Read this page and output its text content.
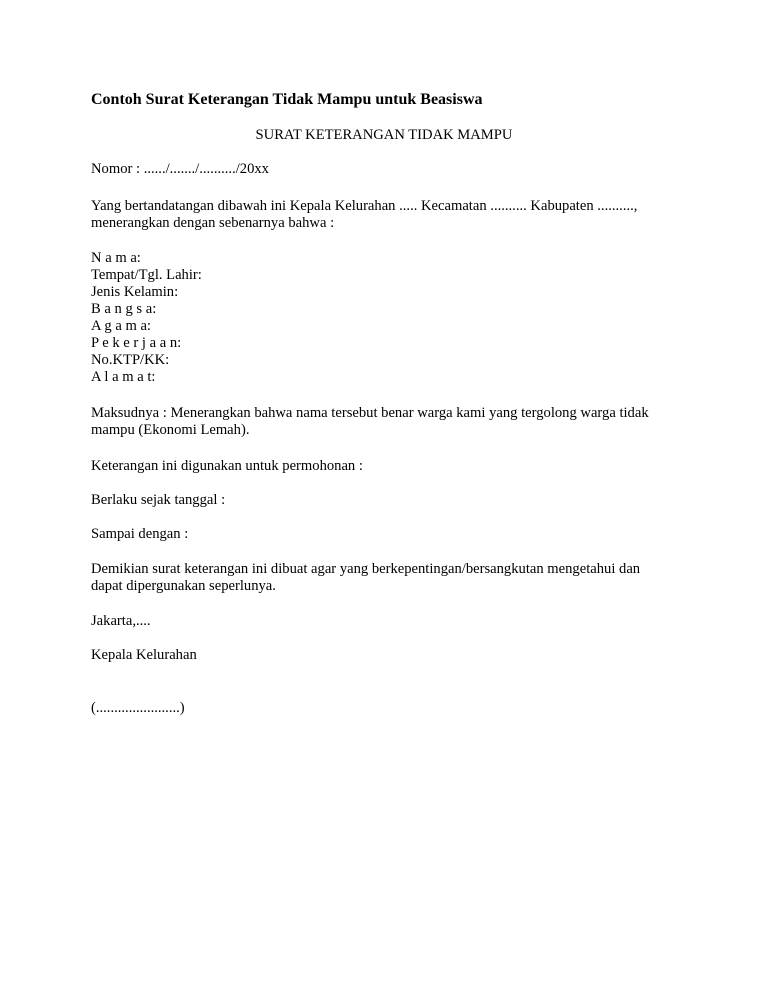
Contoh Surat Keterangan Tidak Mampu untuk Beasiswa
SURAT KETERANGAN TIDAK MAMPU
Nomor : ....../......./........../20xx
Yang bertandatangan dibawah ini Kepala Kelurahan ..... Kecamatan .......... Kabupaten ..........,
menerangkan dengan sebenarnya bahwa :
N a m a:
Tempat/Tgl. Lahir:
Jenis Kelamin:
B a n g s a:
A g a m a:
P e k e r j a a n:
No.KTP/KK:
A l a m a t:
Maksudnya : Menerangkan bahwa nama tersebut benar warga kami yang tergolong warga tidak
mampu (Ekonomi Lemah).
Keterangan ini digunakan untuk permohonan :
Berlaku sejak tanggal :
Sampai dengan :
Demikian surat keterangan ini dibuat agar yang berkepentingan/bersangkutan mengetahui dan
dapat dipergunakan seperlunya.
Jakarta,....
Kepala Kelurahan
(.......................)
